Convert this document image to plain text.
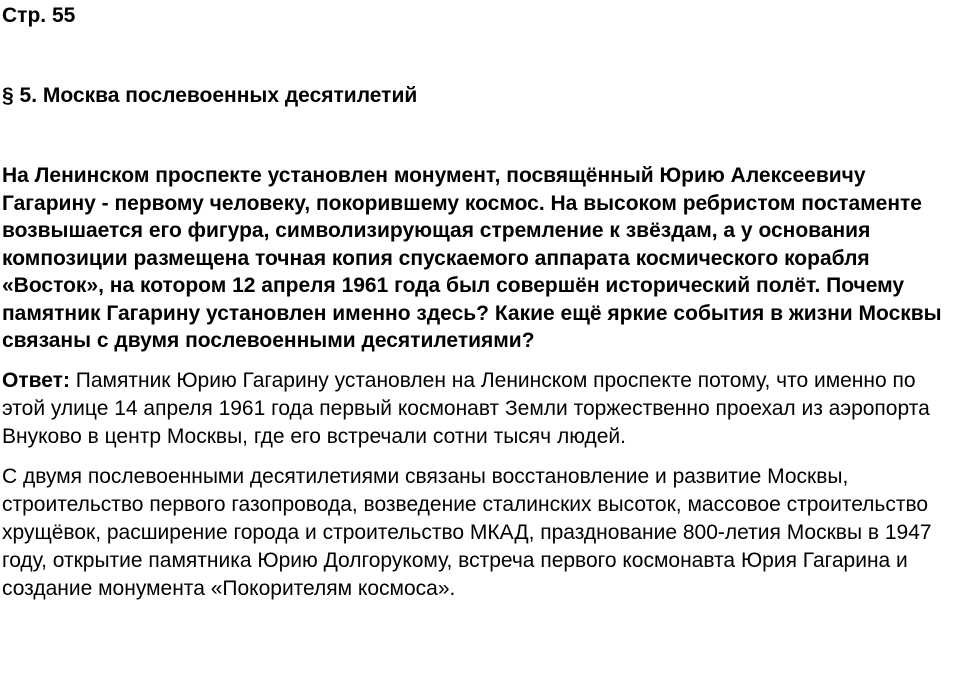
Стр. 55

§ 5. Москва послевоенных десятилетий

На Ленинском проспекте установлен монумент, посвящённый Юрию Алексеевичу Гагарину - первому человеку, покорившему космос. На высоком ребристом постаменте возвышается его фигура, символизирующая стремление к звёздам, а у основания композиции размещена точная копия спускаемого аппарата космического корабля «Восток», на котором 12 апреля 1961 года был совершён исторический полёт. Почему памятник Гагарину установлен именно здесь? Какие ещё яркие события в жизни Москвы связаны с двумя послевоенными десятилетиями?

Ответ: Памятник Юрию Гагарину установлен на Ленинском проспекте потому, что именно по этой улице 14 апреля 1961 года первый космонавт Земли торжественно проехал из аэропорта Внуково в центр Москвы, где его встречали сотни тысяч людей.

С двумя послевоенными десятилетиями связаны восстановление и развитие Москвы, строительство первого газопровода, возведение сталинских высоток, массовое строительство хрущёвок, расширение города и строительство МКАД, празднование 800-летия Москвы в 1947 году, открытие памятника Юрию Долгорукому, встреча первого космонавта Юрия Гагарина и создание монумента «Покорителям космоса».
